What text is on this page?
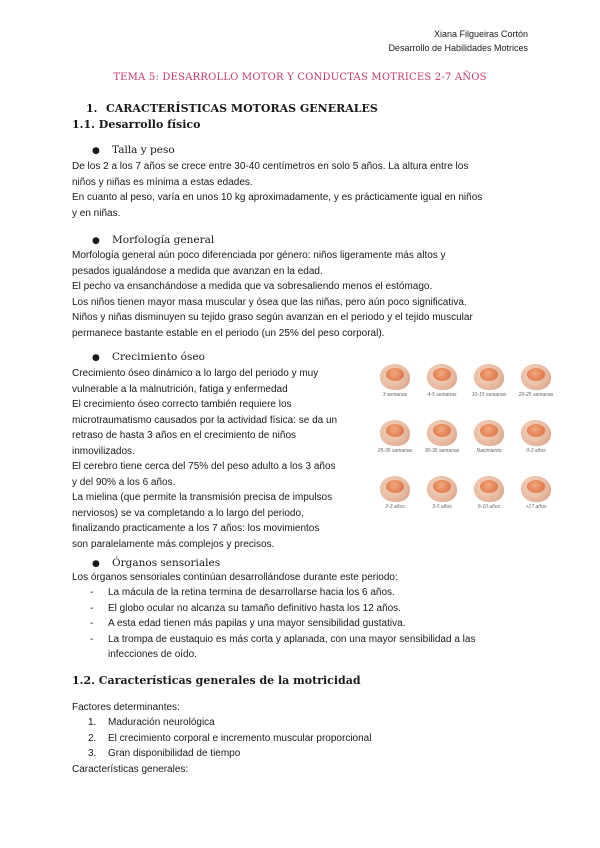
Xiana Filgueiras Cortón
Desarrollo de Habilidades Motrices
TEMA 5: DESARROLLO MOTOR Y CONDUCTAS MOTRICES 2-7 AÑOS
1. CARACTERÍSTICAS MOTORAS GENERALES
1.1. Desarrollo físico
● Talla y peso
De los 2 a los 7 años se crece entre 30-40 centímetros en solo 5 años. La altura entre los
niños y niñas es mínima a estas edades.
En cuanto al peso, varía en unos 10 kg aproximadamente, y es prácticamente igual en niños
y en niñas.
● Morfología general
Morfología general aún poco diferenciada por género: niños ligeramente más altos y
pesados igualándose a medida que avanzan en la edad.
El pecho va ensanchándose a medida que va sobresaliendo menos el estómago.
Los niños tienen mayor masa muscular y ósea que las niñas, pero aún poco significativa.
Niños y niñas disminuyen su tejido graso según avanzan en el periodo y el tejido muscular
permanece bastante estable en el periodo (un 25% del peso corporal).
● Crecimiento óseo
Crecimiento óseo dinámico a lo largo del periodo y muy
vulnerable a la malnutrición, fatiga y enfermedad
El crecimiento óseo correcto también requiere los
microtraumatismo causados por la actividad física: se da un
retraso de hasta 3 años en el crecimiento de niños
inmovilizados.
El cerebro tiene cerca del 75% del peso adulto a los 3 años
y del 90% a los 6 años.
La mielina (que permite la transmisión precisa de impulsos
nerviosos) se va completando a lo largo del periodo,
finalizando practicamente a los 7 años: los movimientos
son paralelamente más complejos y precisos.
3 semanas	4-5 semanas	10-15 semanas	20-25 semanas
25-35 semanas	30-35 semanas	Nacimiento	0-3 años
2-3 años	3-5 años	6-10 años	>17 años
● Órganos sensoriales
Los órganos sensoriales continúan desarrollándose durante este periodo:
- La mácula de la retina termina de desarrollarse hacia los 6 años.
- El globo ocular no alcanza su tamaño definitivo hasta los 12 años.
- A esta edad tienen más papilas y una mayor sensibilidad gustativa.
- La trompa de eustaquio es más corta y aplanada, con una mayor sensibilidad a las
infecciones de oído.
1.2. Características generales de la motricidad
Factores determinantes:
1. Maduración neurológica
2. El crecimiento corporal e incremento muscular proporcional
3. Gran disponibilidad de tiempo
Características generales:
